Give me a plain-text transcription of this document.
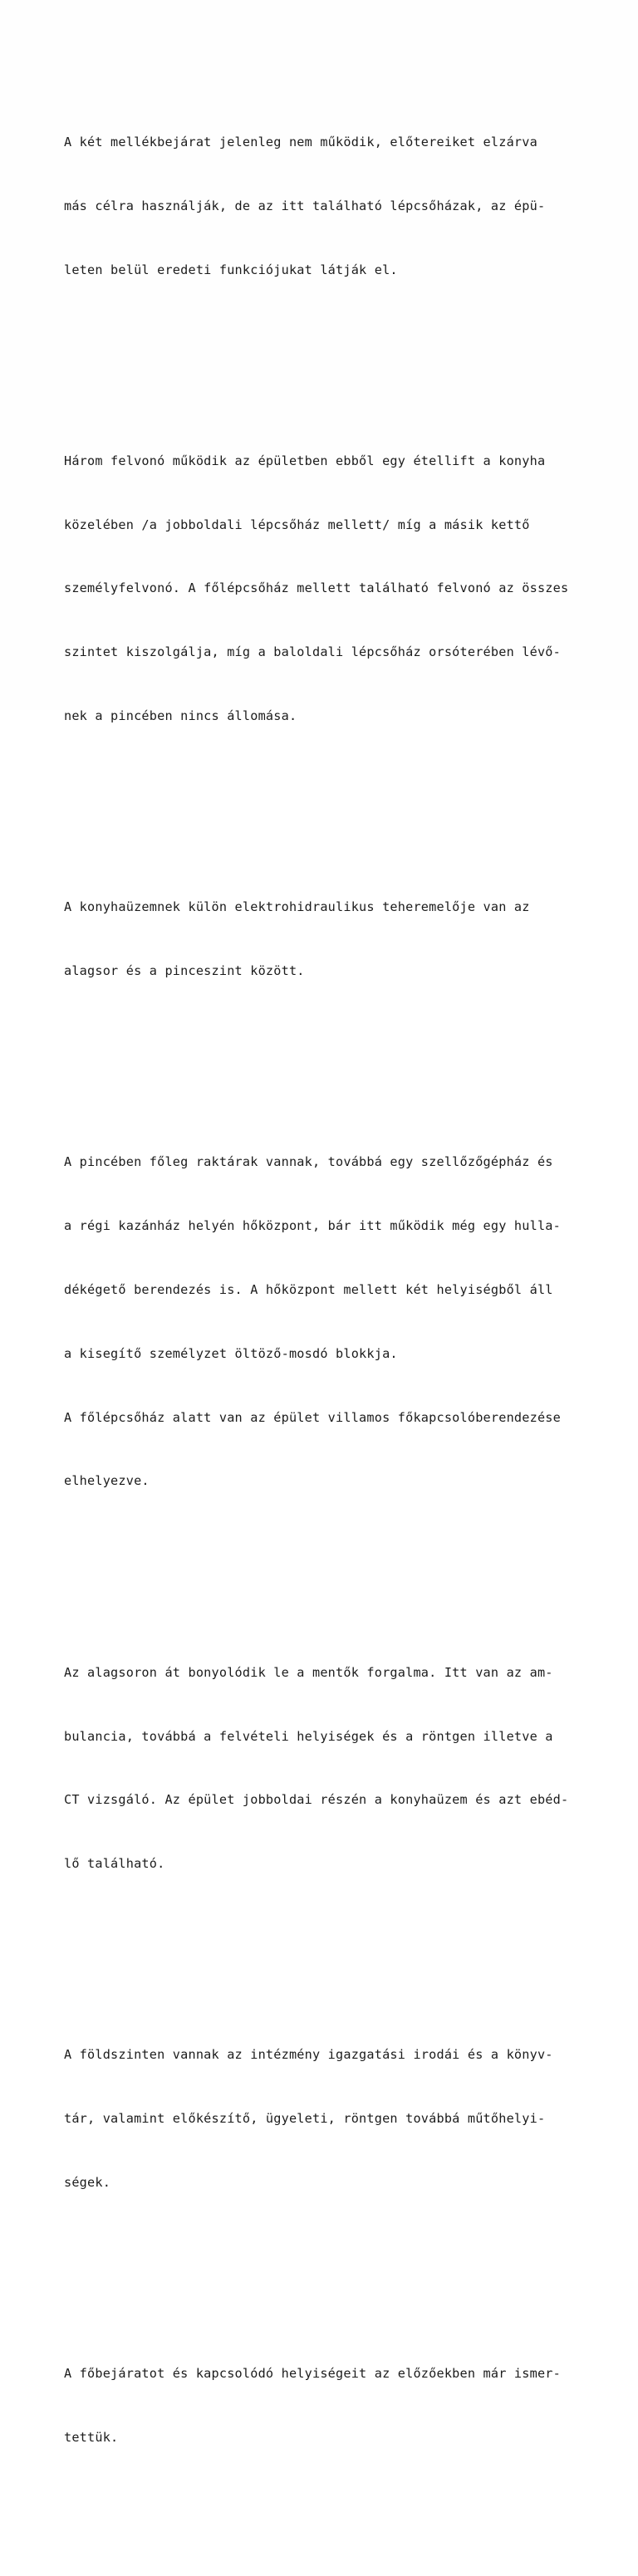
A két mellékbejárat jelenleg nem működik, előtereiket elzárva

más célra használják, de az itt található lépcsőházak, az épü-

leten belül eredeti funkciójukat látják el.

Három felvonó működik az épületben ebből egy étellift a konyha

közelében /a jobboldali lépcsőház mellett/ míg a másik kettő

személyfelvonó. A főlépcsőház mellett található felvonó az összes

szintet kiszolgálja, míg a baloldali lépcsőház orsóterében lévő-

nek a pincében nincs állomása.

A konyhaüzemnek külön elektrohidraulikus teheremelője van az

alagsor és a pinceszint között.

A pincében főleg raktárak vannak, továbbá egy szellőzőgépház és

a régi kazánház helyén hőközpont, bár itt működik még egy hulla-

dékégető berendezés is. A hőközpont mellett két helyiségből áll

a kisegítő személyzet öltöző-mosdó blokkja.

A főlépcsőház alatt van az épület villamos főkapcsolóberendezése

elhelyezve.

Az alagsoron át bonyolódik le a mentők forgalma. Itt van az am-

bulancia, továbbá a felvételi helyiségek és a röntgen illetve a

CT vizsgáló. Az épület jobboldai részén a konyhaüzem és azt ebéd-

lő található.

A földszinten vannak az intézmény igazgatási irodái és a könyv-

tár, valamint előkészítő, ügyeleti, röntgen továbbá műtőhelyi-

ségek.

A főbejáratot és kapcsolódó helyiségeit az előzőekben már ismer-

tettük.
